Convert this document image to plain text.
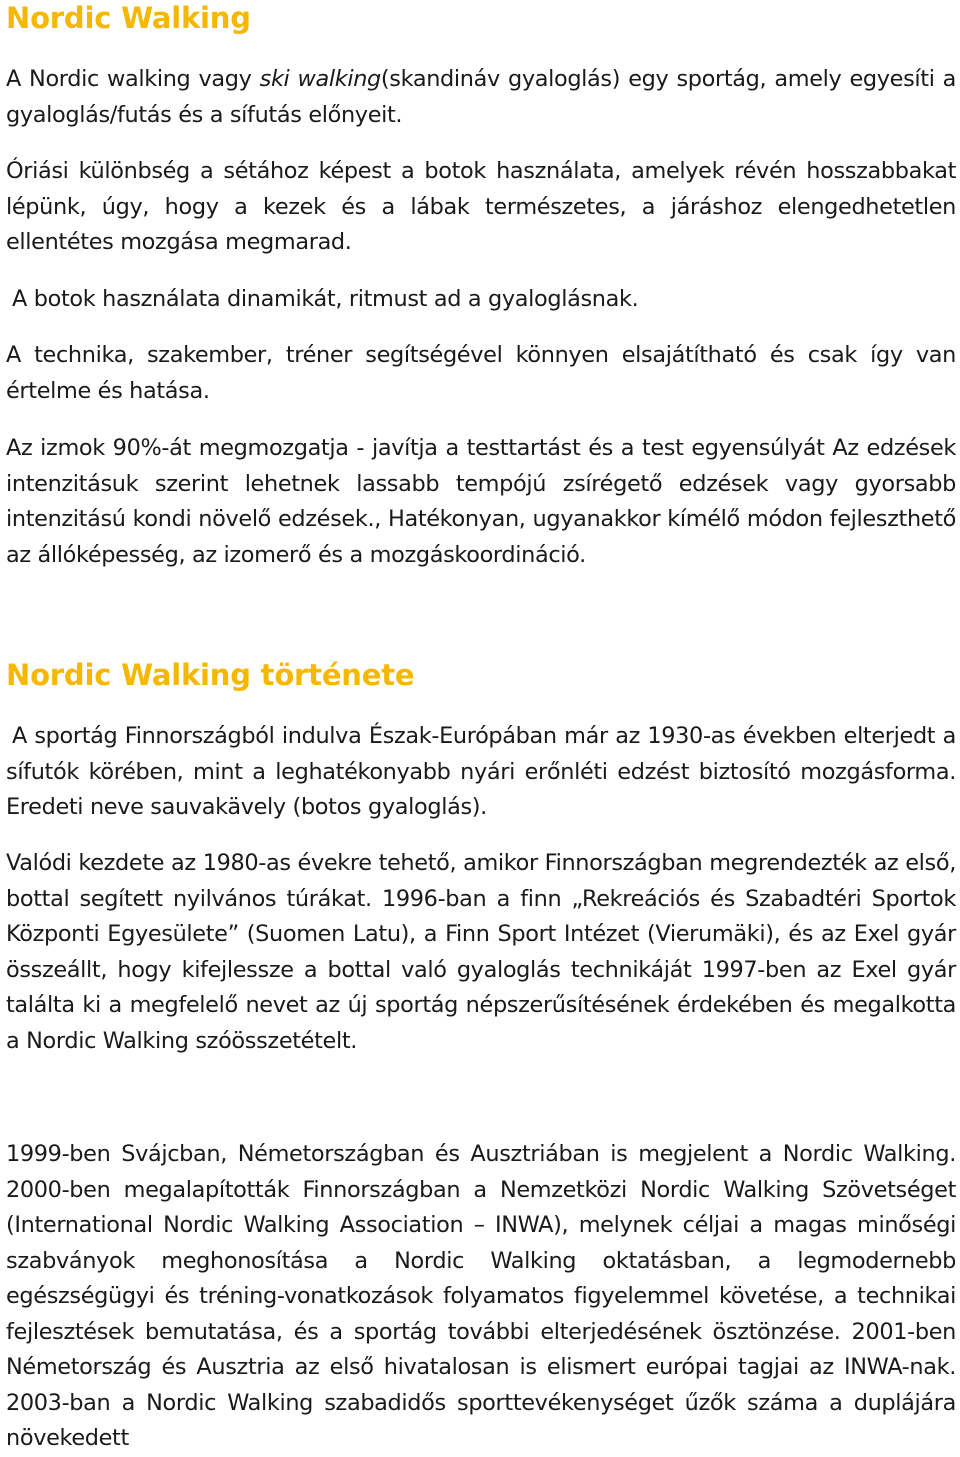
Nordic Walking

A Nordic walking vagy ski walking(skandináv gyaloglás) egy sportág, amely egyesíti a gyaloglás/futás és a sífutás előnyeit.

Óriási különbség a sétához képest a botok használata, amelyek révén hosszabbakat lépünk, úgy, hogy a kezek és a lábak természetes, a járáshoz elengedhetetlen ellentétes mozgása megmarad.

A botok használata dinamikát, ritmust ad a gyaloglásnak.

A technika, szakember, tréner segítségével könnyen elsajátítható és csak így van értelme és hatása.

Az izmok 90%-át megmozgatja - javítja a testtartást és a test egyensúlyát Az edzések intenzitásuk szerint lehetnek lassabb tempójú zsírégető edzések vagy gyorsabb intenzitású kondi növelő edzések., Hatékonyan, ugyanakkor kímélő módon fejleszthető az állóképesség, az izomerő és a mozgáskoordináció.

Nordic Walking története

A sportág Finnországból indulva Észak-Európában már az 1930-as években elterjedt a sífutók körében, mint a leghatékonyabb nyári erőnléti edzést biztosító mozgásforma. Eredeti neve sauvakävely (botos gyaloglás).

Valódi kezdete az 1980-as évekre tehető, amikor Finnországban megrendezték az első, bottal segített nyilvános túrákat. 1996-ban a finn „Rekreációs és Szabadtéri Sportok Központi Egyesülete” (Suomen Latu), a Finn Sport Intézet (Vierumäki), és az Exel gyár összeállt, hogy kifejlessze a bottal való gyaloglás technikáját 1997-ben az Exel gyár találta ki a megfelelő nevet az új sportág népszerűsítésének érdekében és megalkotta a Nordic Walking szóösszetételt.

1999-ben Svájcban, Németországban és Ausztriában is megjelent a Nordic Walking. 2000-ben megalapították Finnországban a Nemzetközi Nordic Walking Szövetséget (International Nordic Walking Association – INWA), melynek céljai a magas minőségi szabványok meghonosítása a Nordic Walking oktatásban, a legmodernebb egészségügyi és tréning-vonatkozások folyamatos figyelemmel követése, a technikai fejlesztések bemutatása, és a sportág további elterjedésének ösztönzése. 2001-ben Németország és Ausztria az első hivatalosan is elismert európai tagjai az INWA-nak. 2003-ban a Nordic Walking szabadidős sporttevékenységet űzők száma a duplájára növekedett
